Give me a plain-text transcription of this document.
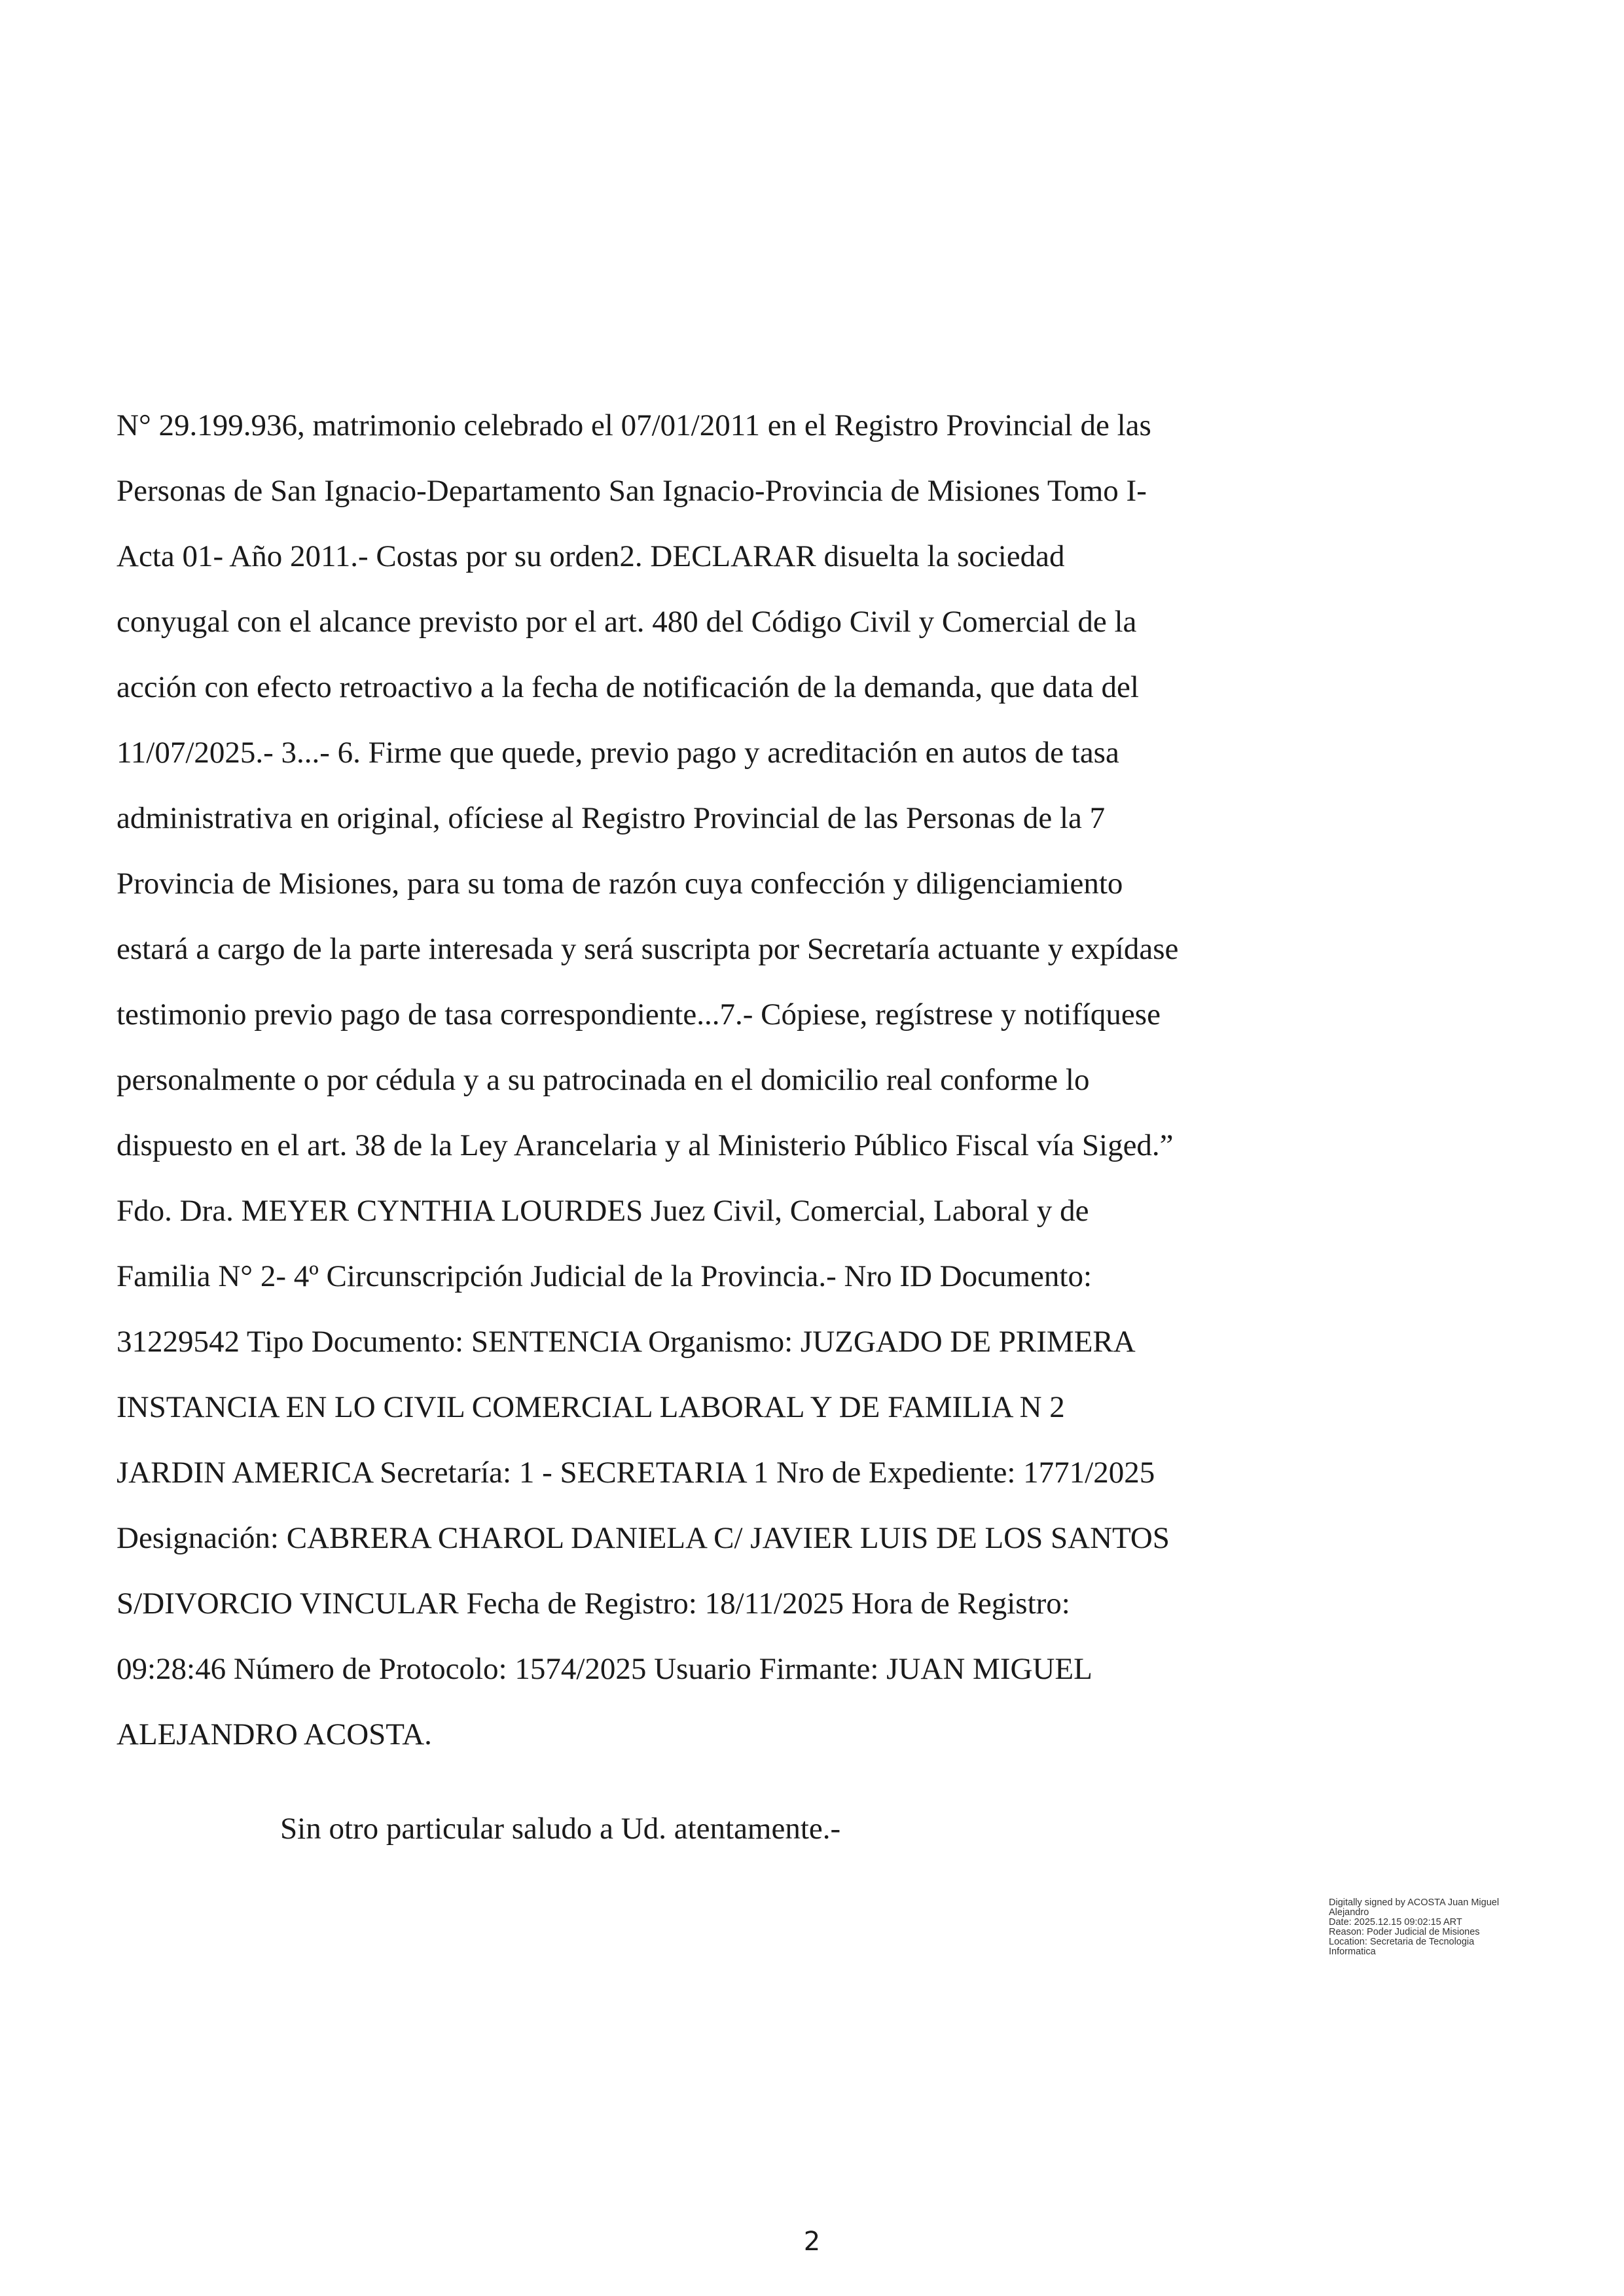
N° 29.199.936, matrimonio celebrado el 07/01/2011 en el Registro Provincial de las
Personas de San Ignacio-Departamento San Ignacio-Provincia de Misiones Tomo I-
Acta 01- Año 2011.- Costas por su orden2. DECLARAR disuelta la sociedad
conyugal con el alcance previsto por el art. 480 del Código Civil y Comercial de la
acción con efecto retroactivo a la fecha de notificación de la demanda, que data del
11/07/2025.- 3...- 6. Firme que quede, previo pago y acreditación en autos de tasa
administrativa en original, ofíciese al Registro Provincial de las Personas de la 7
Provincia de Misiones, para su toma de razón cuya confección y diligenciamiento
estará a cargo de la parte interesada y será suscripta por Secretaría actuante y expídase
testimonio previo pago de tasa correspondiente...7.- Cópiese, regístrese y notifíquese
personalmente o por cédula y a su patrocinada en el domicilio real conforme lo
dispuesto en el art. 38 de la Ley Arancelaria y al Ministerio Público Fiscal vía Siged.”
Fdo. Dra. MEYER CYNTHIA LOURDES Juez Civil, Comercial, Laboral y de
Familia N° 2- 4º Circunscripción Judicial de la Provincia.- Nro ID Documento:
31229542 Tipo Documento: SENTENCIA Organismo: JUZGADO DE PRIMERA
INSTANCIA EN LO CIVIL COMERCIAL LABORAL Y DE FAMILIA N 2
JARDIN AMERICA Secretaría: 1 - SECRETARIA 1 Nro de Expediente: 1771/2025
Designación: CABRERA CHAROL DANIELA C/ JAVIER LUIS DE LOS SANTOS
S/DIVORCIO VINCULAR Fecha de Registro: 18/11/2025 Hora de Registro:
09:28:46 Número de Protocolo: 1574/2025 Usuario Firmante: JUAN MIGUEL
ALEJANDRO ACOSTA.

Sin otro particular saludo a Ud. atentamente.-

Digitally signed by ACOSTA Juan Miguel
Alejandro
Date: 2025.12.15 09:02:15 ART
Reason: Poder Judicial de Misiones
Location: Secretaria de Tecnologia
Informatica
2
